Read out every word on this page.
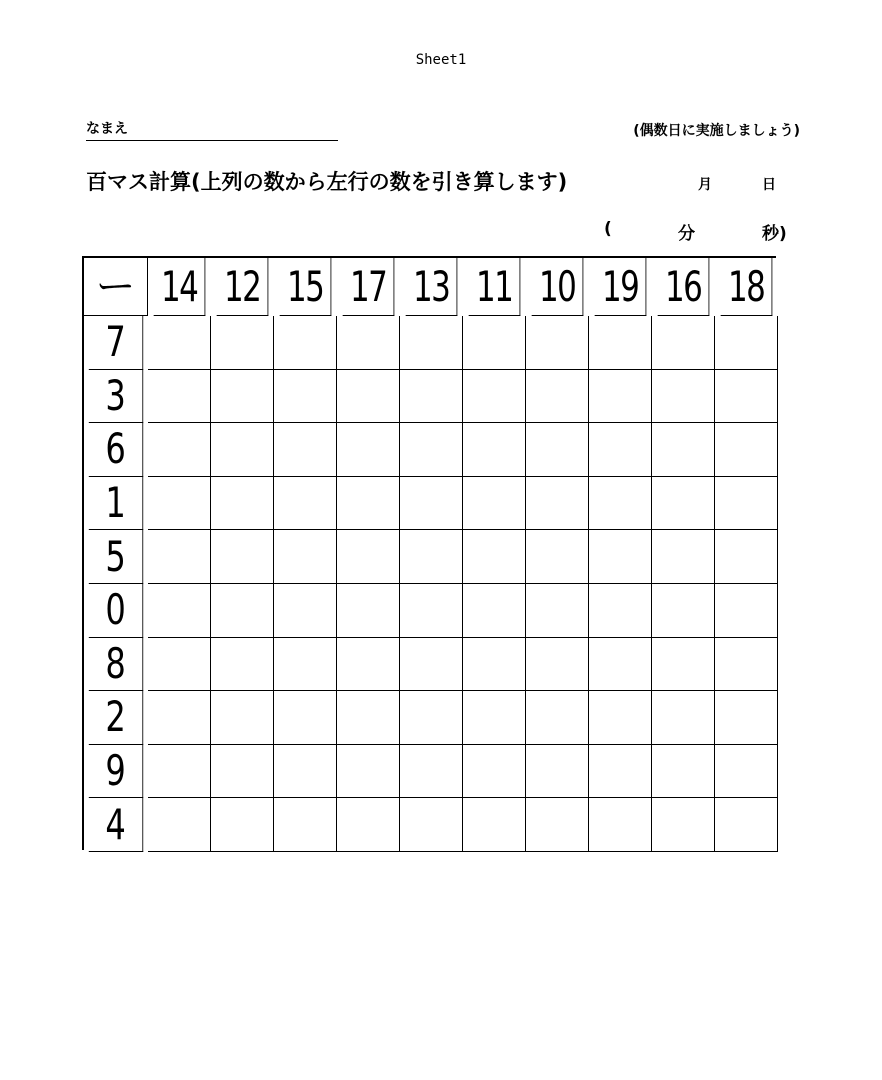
Sheet1
なまえ	(偶数日に実施しましょう)
百マス計算(上列の数から左行の数を引き算します)	月	日
(	分	秒)
ー 14 12 15 17 13 11 10 19 16 18
7
3
6
1
5
0
8
2
9
4
